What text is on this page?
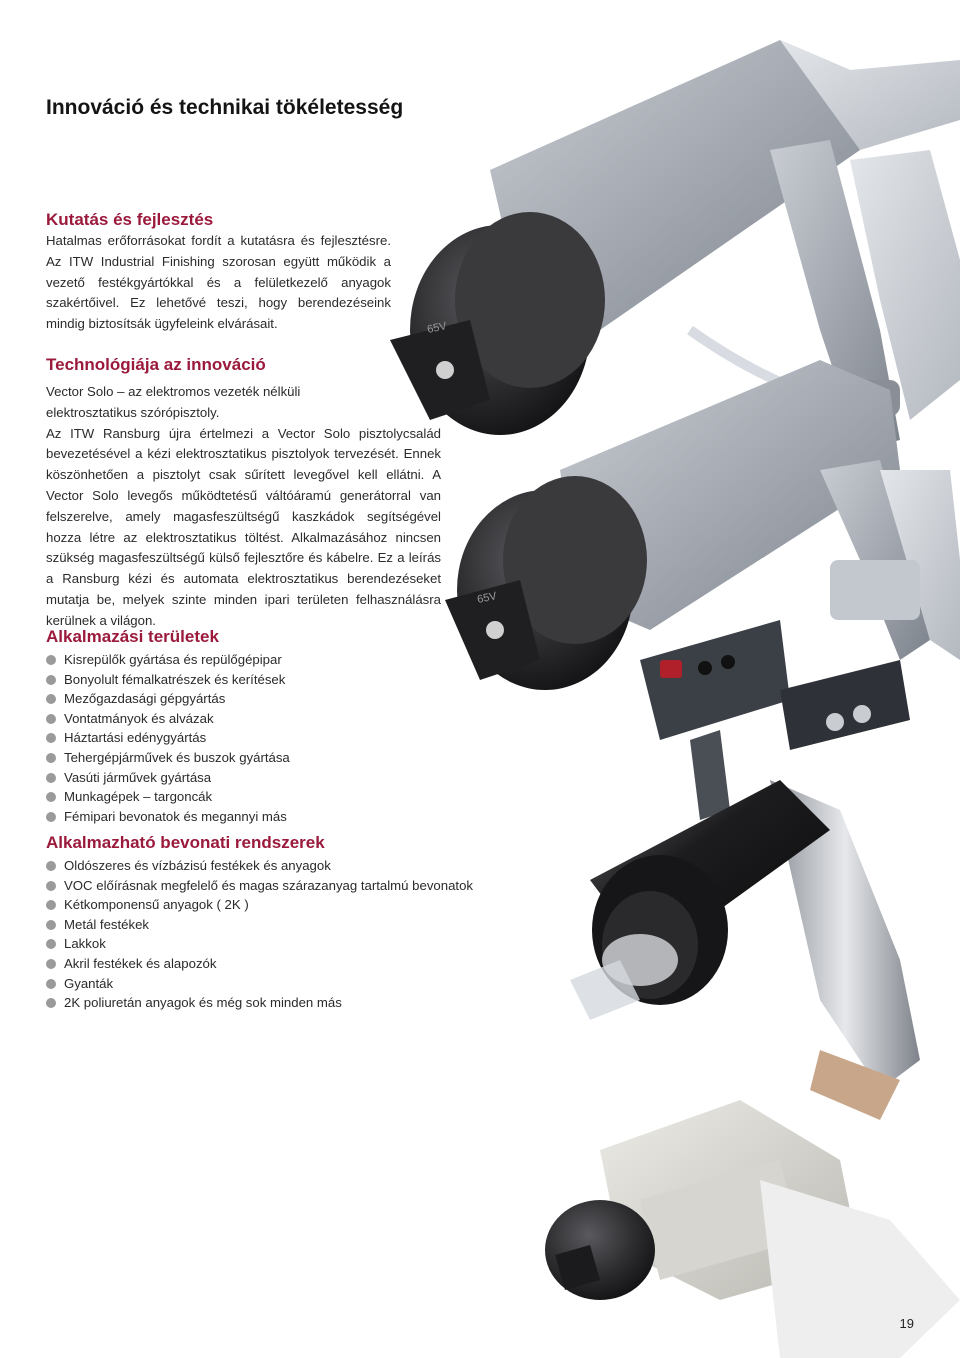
65V
65V
Innováció és technikai tökéletesség
Kutatás és fejlesztés

Hatalmas erőforrásokat fordít a kutatásra és fejlesztésre. Az ITW Industrial Finishing szorosan együtt működik a vezető festékgyártókkal és a felületkezelő anyagok szakértőivel. Ez lehetővé teszi, hogy berendezéseink mindig biztosítsák ügyfeleink elvárásait.

Technológiája az innováció

Vector Solo – az elektromos vezeték nélküli elektrosztatikus szórópisztoly.

Az ITW Ransburg újra értelmezi a Vector Solo pisztolycsalád bevezetésével a kézi elektrosztatikus pisztolyok tervezését. Ennek köszönhetően a pisztolyt csak sűrített levegővel kell ellátni. A Vector Solo levegős működtetésű váltóáramú generátorral van felszerelve, amely magasfeszültségű kaszkádok segítségével hozza létre az elektrosztatikus töltést. Alkalmazásához nincsen szükség magasfeszültségű külső fejlesztőre és kábelre. Ez a leírás a Ransburg kézi és automata elektrosztatikus berendezéseket mutatja be, melyek szinte minden ipari területen felhasználásra kerülnek a világon.

Alkalmazási területek
Kisrepülők gyártása és repülőgépipar
Bonyolult fémalkatrészek és kerítések
Mezőgazdasági gépgyártás
Vontatmányok és alvázak
Háztartási edénygyártás
Tehergépjárművek és buszok gyártása
Vasúti járművek gyártása
Munkagépek – targoncák
Fémipari bevonatok és megannyi más
Alkalmazható bevonati rendszerek
Oldószeres és vízbázisú festékek és anyagok
VOC előírásnak megfelelő és magas szárazanyag tartalmú bevonatok
Kétkomponensű anyagok ( 2K )
Metál festékek
Lakkok
Akril festékek és alapozók
Gyanták
2K poliuretán anyagok és még sok minden más
19
